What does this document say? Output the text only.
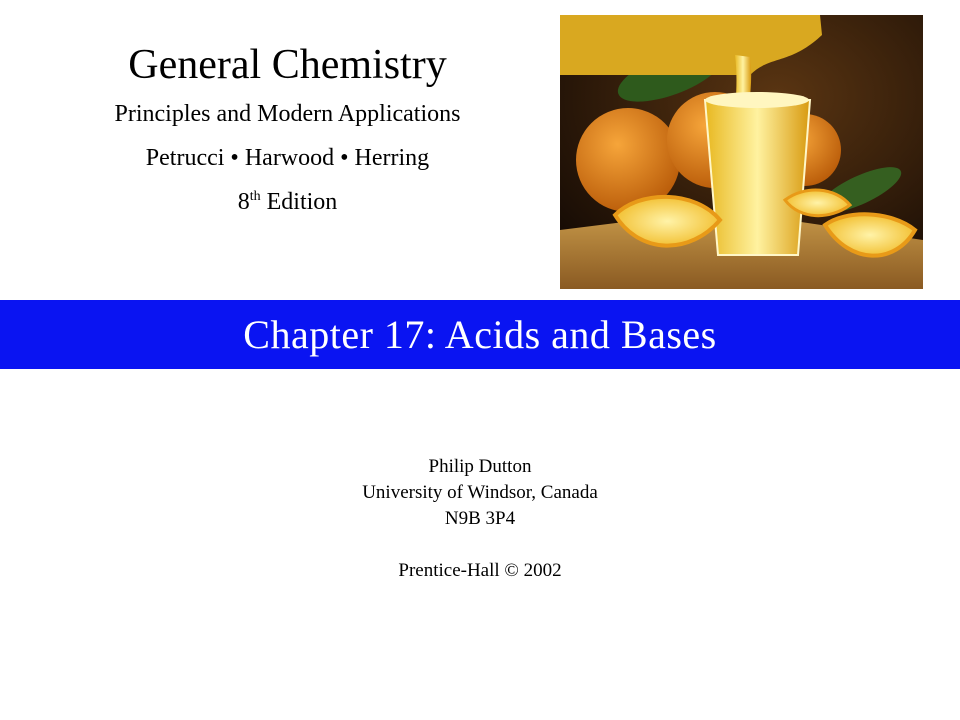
General Chemistry
Principles and Modern Applications
Petrucci • Harwood • Herring
8th Edition
Chapter 17: Acids and Bases
Philip Dutton
University of Windsor, Canada
N9B 3P4
Prentice-Hall © 2002
